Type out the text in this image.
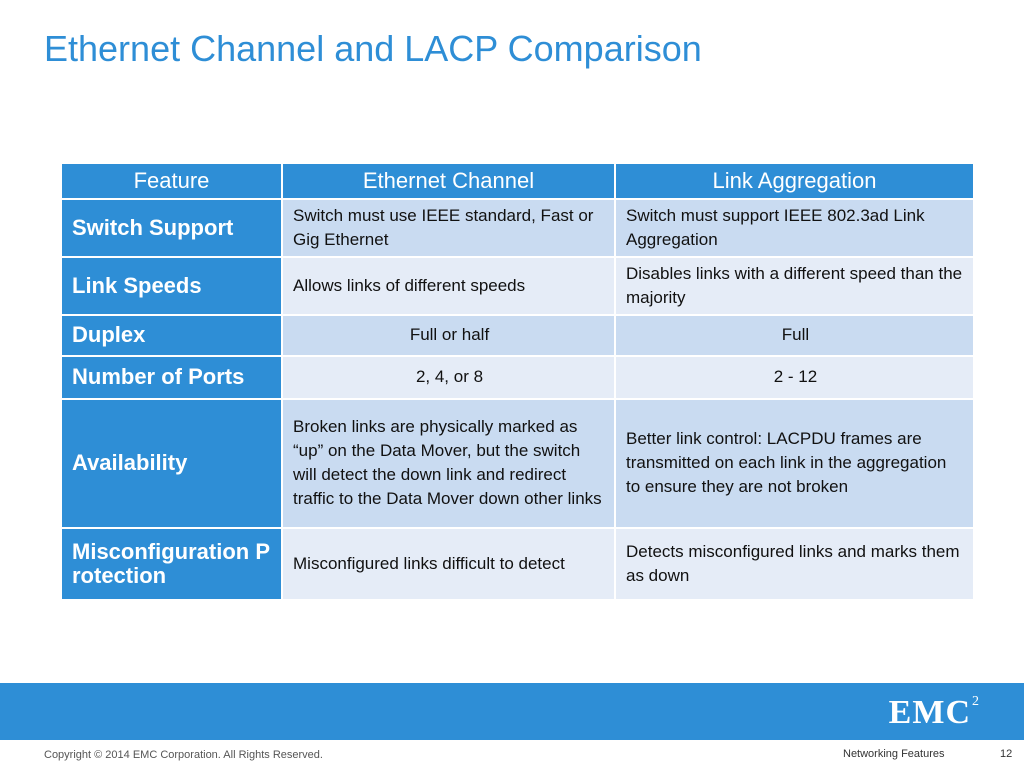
Ethernet Channel and LACP Comparison
Feature	Ethernet Channel	Link Aggregation
Switch Support	Switch must use IEEE standard, Fast or Gig Ethernet	Switch must support IEEE 802.3ad Link Aggregation
Link Speeds	Allows links of different speeds	Disables links with a different speed than the majority
Duplex	Full or half	Full
Number of Ports	2, 4, or 8	2 - 12
Availability	Broken links are physically marked as “up” on the Data Mover, but the switch will detect the down link and redirect traffic to the Data Mover down other links	Better link control: LACPDU frames are transmitted on each link in the aggregation to ensure they are not broken
Misconfiguration Protection	Misconfigured links difficult to detect	Detects misconfigured links and marks them as down
EMC$^2$
Copyright © 2014 EMC Corporation. All Rights Reserved.	Networking Features	12
